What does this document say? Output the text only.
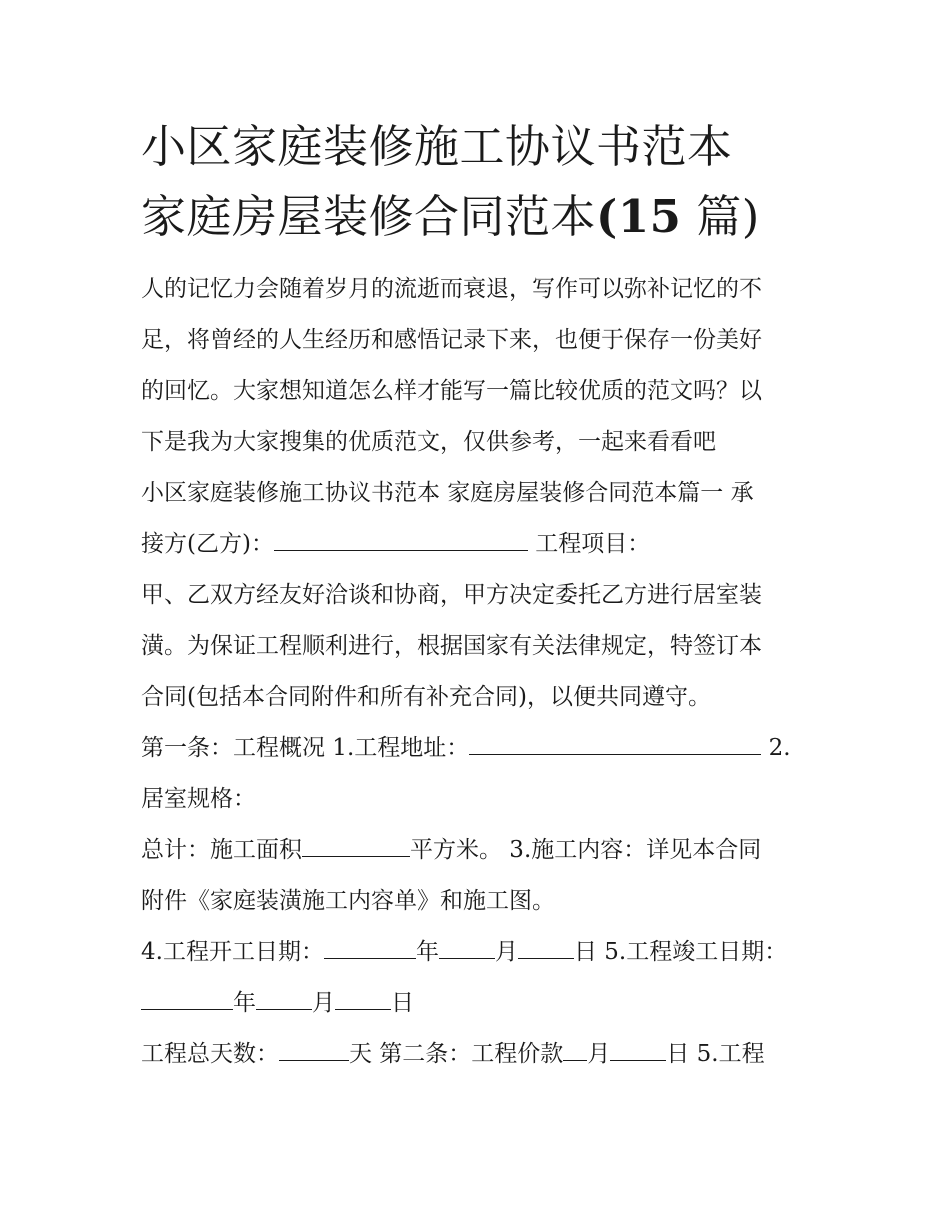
小区家庭装修施工协议书范本
家庭房屋装修合同范本(15 篇)

人的记忆力会随着岁月的流逝而衰退，写作可以弥补记忆的不
足，将曾经的人生经历和感悟记录下来，也便于保存一份美好
的回忆。大家想知道怎么样才能写一篇比较优质的范文吗？以
下是我为大家搜集的优质范文，仅供参考，一起来看看吧

小区家庭装修施工协议书范本 家庭房屋装修合同范本篇一 承
接方(乙方)：	工程项目：

甲、乙双方经友好洽谈和协商，甲方决定委托乙方进行居室装
潢。为保证工程顺利进行，根据国家有关法律规定，特签订本
合同(包括本合同附件和所有补充合同)，以便共同遵守。

第一条：工程概况 1.工程地址：	2.
居室规格：

总计：施工面积	平方米。 3.施工内容：详见本合同
附件《家庭装潢施工内容单》和施工图。

4.工程开工日期：	年 月 日 5.工程竣工日期：
年 月 日

工程总天数：	天 第二条：工程价款 月 日 5.工程
